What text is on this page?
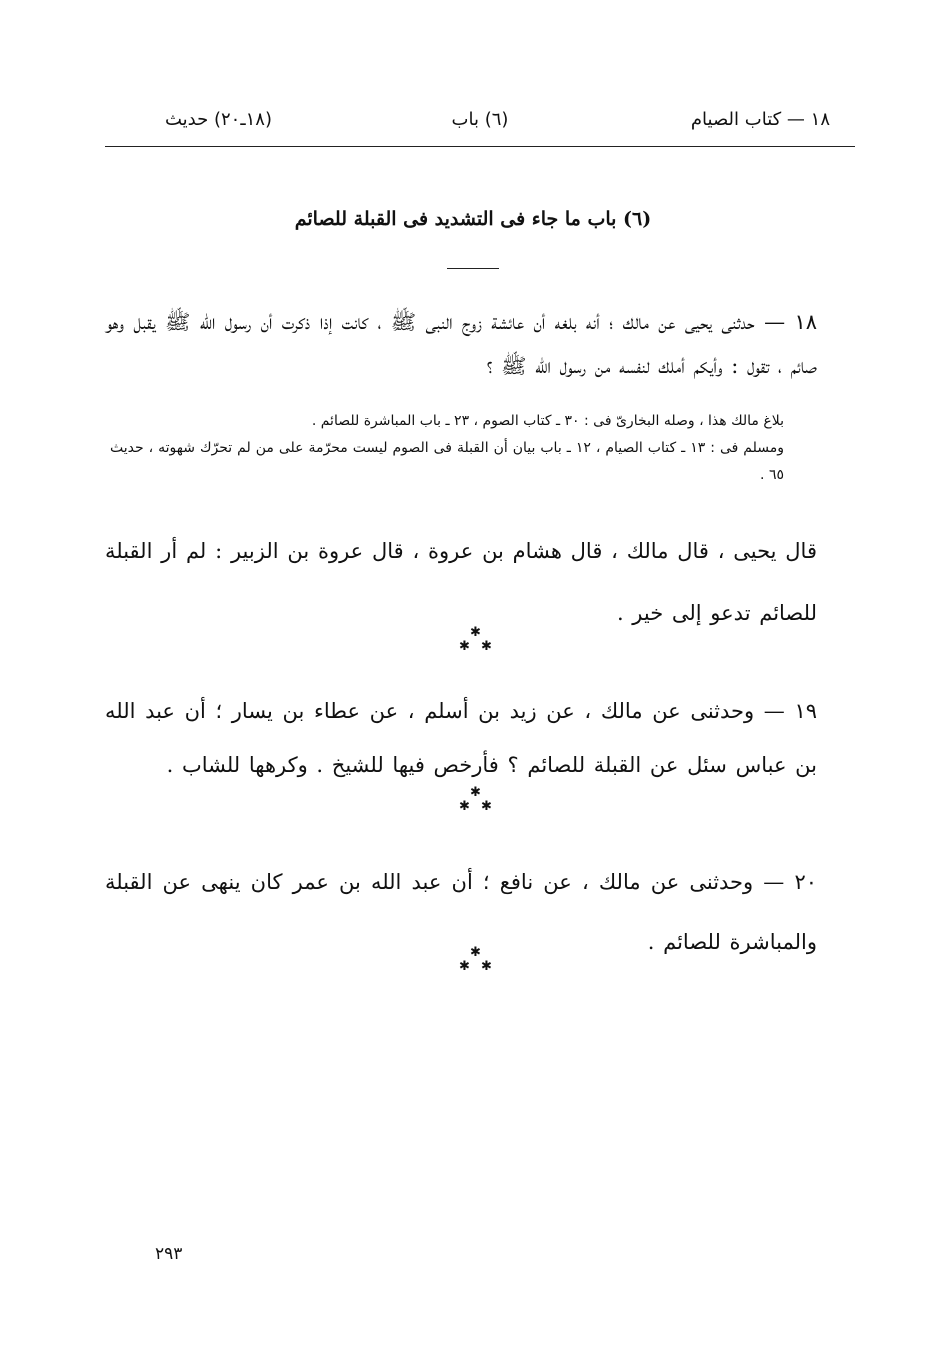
١٨ — كتاب الصيام
(٦) باب
(١٨ـ٢٠) حديث
(٦) باب ما جاء فى التشديد فى القبلة للصائم
١٨ — حدثنى يحيى عن مالك ؛ أنه بلغه أن عائشة زوج النبى ﷺ ، كانت إذا ذكرت أن رسول الله ﷺ يقبل وهو صائم ، تقول : وأيكم أملك لنفسه من رسول الله ﷺ ؟

بلاغ مالك هذا ، وصله البخارىّ فى : ٣٠ ـ كتاب الصوم ، ٢٣ ـ باب المباشرة للصائم .

ومسلم فى : ١٣ ـ كتاب الصيام ، ١٢ ـ باب بيان أن القبلة فى الصوم ليست محرّمة على من لم تحرّك شهوته ، حديث ٦٥ .

قال يحيى ، قال مالك ، قال هشام بن عروة ، قال عروة بن الزبير : لم أر القبلة للصائم تدعو إلى خير .
✱
✱ ✱
١٩ — وحدثنى عن مالك ، عن زيد بن أسلم ، عن عطاء بن يسار ؛ أن عبد الله بن عباس سئل عن القبلة للصائم ؟ فأرخص فيها للشيخ . وكرهها للشاب .
✱
✱ ✱
٢٠ — وحدثنى عن مالك ، عن نافع ؛ أن عبد الله بن عمر كان ينهى عن القبلة والمباشرة للصائم .
✱
✱ ✱
٢٩٣
